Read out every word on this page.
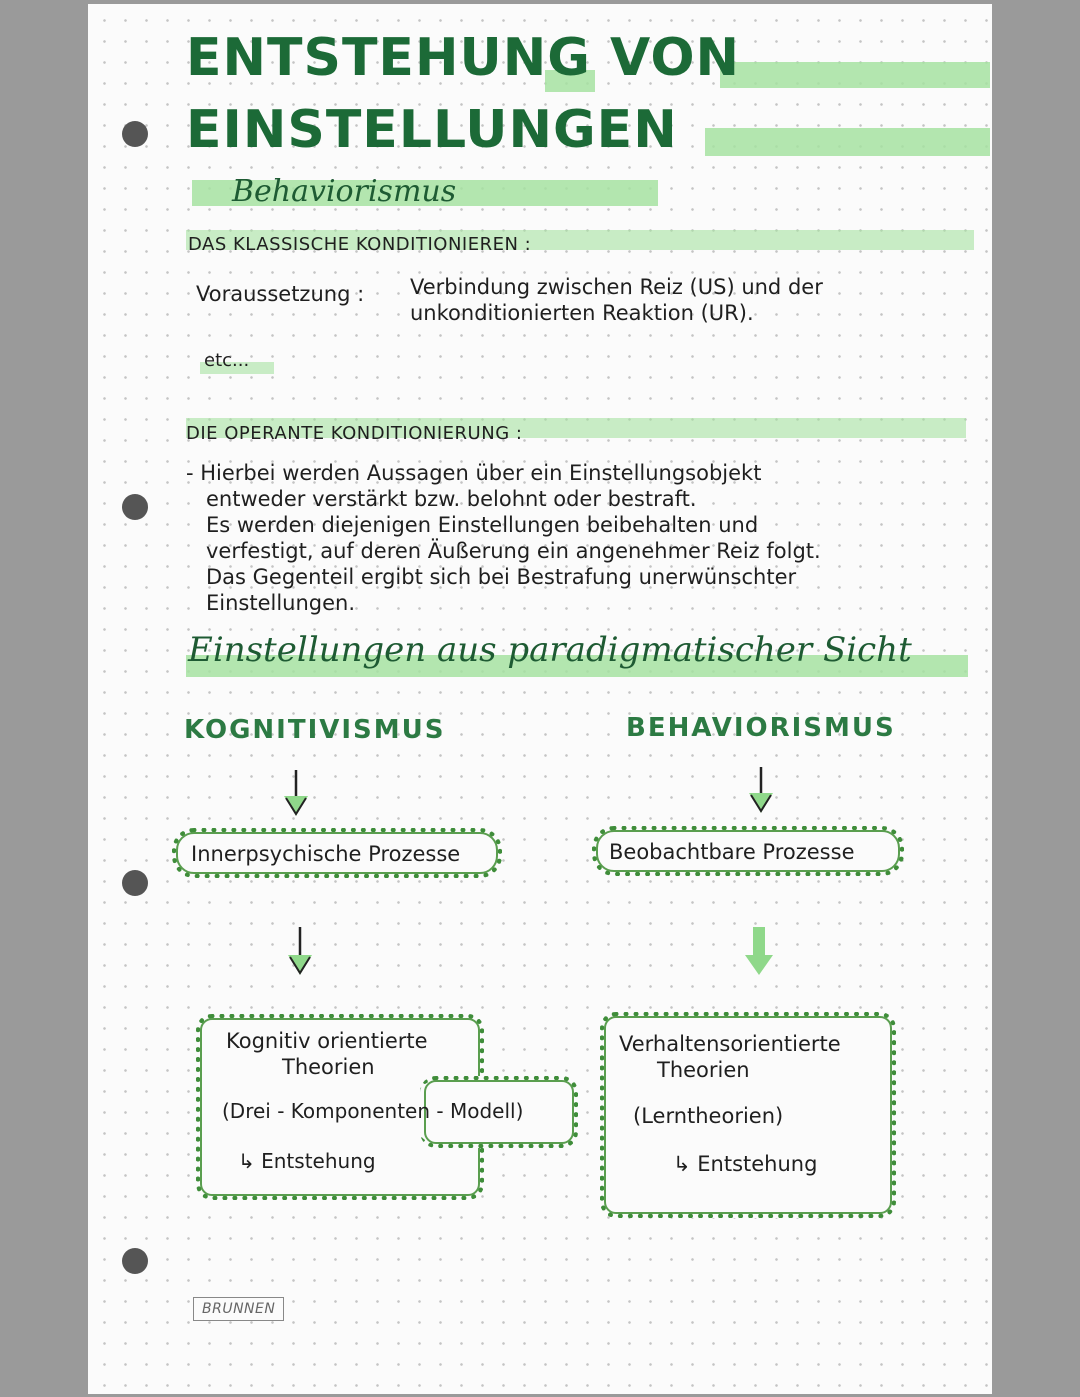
ENTSTEHUNG VON
EINSTELLUNGEN
Behaviorismus
DAS KLASSISCHE KONDITIONIEREN :
Voraussetzung : Verbindung zwischen Reiz (US) und der
unkonditionierten Reaktion (UR).
etc...
DIE OPERANTE KONDITIONIERUNG :
- Hierbei werden Aussagen über ein Einstellungsobjekt
entweder verstärkt bzw. belohnt oder bestraft.
Es werden diejenigen Einstellungen beibehalten und
verfestigt, auf deren Äußerung ein angenehmer Reiz folgt.
Das Gegenteil ergibt sich bei Bestrafung unerwünschter
Einstellungen.
Einstellungen aus paradigmatischer Sicht
KOGNITIVISMUS	BEHAVIORISMUS
Innerpsychische Prozesse	Beobachtbare Prozesse
Kognitiv orientierte
Theorien
(Drei - Komponenten - Modell)
↳ Entstehung
Verhaltensorientierte
Theorien
(Lerntheorien)
↳ Entstehung
BRUNNEN
